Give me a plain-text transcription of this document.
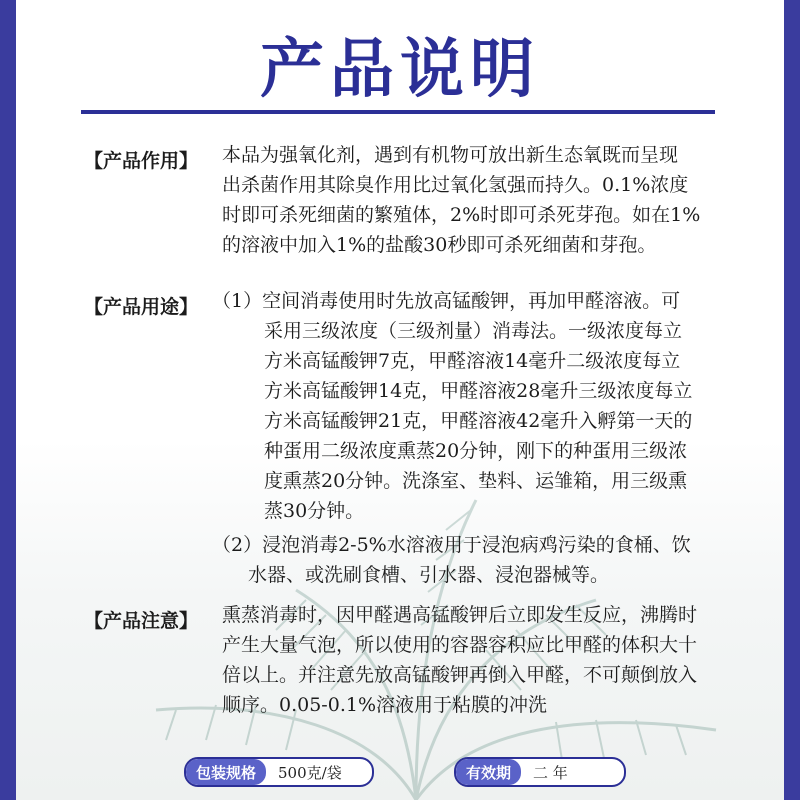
产品说明
【产品作用】 本品为强氧化剂，遇到有机物可放出新生态氧既而呈现
出杀菌作用其除臭作用比过氧化氢强而持久。0.1%浓度
时即可杀死细菌的繁殖体，2%时即可杀死芽孢。如在1%
的溶液中加入1%的盐酸30秒即可杀死细菌和芽孢。
【产品用途】 （1）空间消毒使用时先放高锰酸钾，再加甲醛溶液。可
采用三级浓度（三级剂量）消毒法。一级浓度每立
方米高锰酸钾7克，甲醛溶液14毫升二级浓度每立
方米高锰酸钾14克，甲醛溶液28毫升三级浓度每立
方米高锰酸钾21克，甲醛溶液42毫升入孵第一天的
种蛋用二级浓度熏蒸20分钟，刚下的种蛋用三级浓
度熏蒸20分钟。洗涤室、垫料、运雏箱，用三级熏
蒸30分钟。
（2）浸泡消毒2-5%水溶液用于浸泡病鸡污染的食桶、饮
水器、或洗刷食槽、引水器、浸泡器械等。
【产品注意】 熏蒸消毒时，因甲醛遇高锰酸钾后立即发生反应，沸腾时
产生大量气泡，所以使用的容器容积应比甲醛的体积大十
倍以上。并注意先放高锰酸钾再倒入甲醛，不可颠倒放入
顺序。0.05-0.1%溶液用于粘膜的冲洗
包装规格	500克/袋	有效期	二 年
